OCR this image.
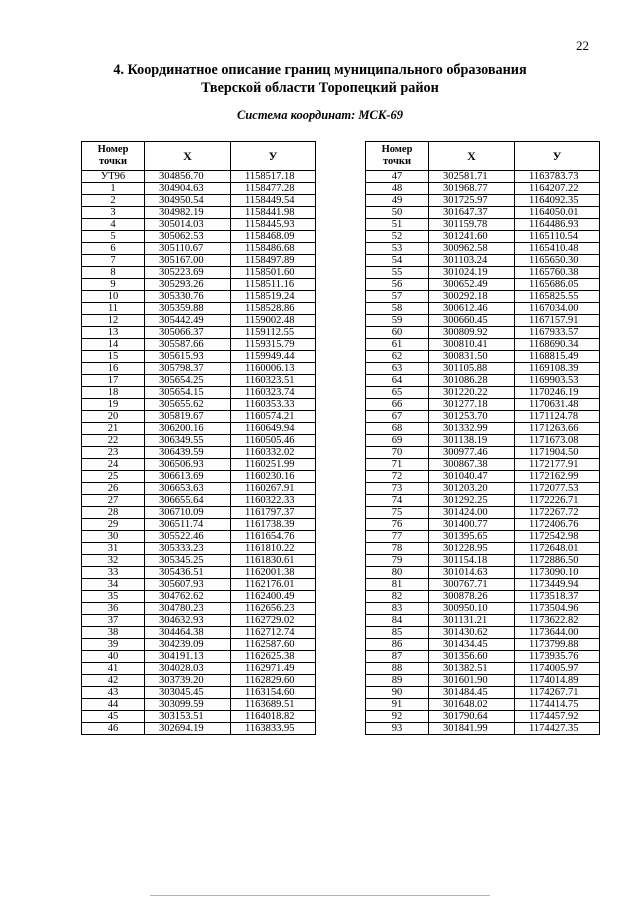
22
4. Координатное описание границ муниципального образования
Тверской области Торопецкий район
Система координат: МСК-69
Номер
точки	X	У
УТ96	304856.70	1158517.18
1	304904.63	1158477.28
2	304950.54	1158449.54
3	304982.19	1158441.98
4	305014.03	1158445.93
5	305062.53	1158468.09
6	305110.67	1158486.68
7	305167.00	1158497.89
8	305223.69	1158501.60
9	305293.26	1158511.16
10	305330.76	1158519.24
11	305359.88	1158528.86
12	305442.49	1159002.48
13	305066.37	1159112.55
14	305587.66	1159315.79
15	305615.93	1159949.44
16	305798.37	1160006.13
17	305654.25	1160323.51
18	305654.15	1160323.74
19	305655.62	1160353.33
20	305819.67	1160574.21
21	306200.16	1160649.94
22	306349.55	1160505.46
23	306439.59	1160332.02
24	306506.93	1160251.99
25	306613.69	1160230.16
26	306653.63	1160267.91
27	306655.64	1160322.33
28	306710.09	1161797.37
29	306511.74	1161738.39
30	305522.46	1161654.76
31	305333.23	1161810.22
32	305345.25	1161830.61
33	305436.51	1162001.38
34	305607.93	1162176.01
35	304762.62	1162400.49
36	304780.23	1162656.23
37	304632.93	1162729.02
38	304464.38	1162712.74
39	304239.09	1162587.60
40	304191.13	1162625.38
41	304028.03	1162971.49
42	303739.20	1162829.60
43	303045.45	1163154.60
44	303099.59	1163689.51
45	303153.51	1164018.82
46	302694.19	1163833.95
Номер
точки	X	У
47	302581.71	1163783.73
48	301968.77	1164207.22
49	301725.97	1164092.35
50	301647.37	1164050.01
51	301159.78	1164486.93
52	301241.60	1165110.54
53	300962.58	1165410.48
54	301103.24	1165650.30
55	301024.19	1165760.38
56	300652.49	1165686.05
57	300292.18	1165825.55
58	300612.46	1167034.00
59	300660.45	1167157.91
60	300809.92	1167933.57
61	300810.41	1168690.34
62	300831.50	1168815.49
63	301105.88	1169108.39
64	301086.28	1169903.53
65	301220.22	1170246.19
66	301277.18	1170631.48
67	301253.70	1171124.78
68	301332.99	1171263.66
69	301138.19	1171673.08
70	300977.46	1171904.50
71	300867.38	1172177.91
72	301040.47	1172162.99
73	301203.20	1172077.53
74	301292.25	1172226.71
75	301424.00	1172267.72
76	301400.77	1172406.76
77	301395.65	1172542.98
78	301228.95	1172648.01
79	301154.18	1172886.50
80	301014.63	1173090.10
81	300767.71	1173449.94
82	300878.26	1173518.37
83	300950.10	1173504.96
84	301131.21	1173622.82
85	301430.62	1173644.00
86	301434.45	1173799.88
87	301356.60	1173935.76
88	301382.51	1174005.97
89	301601.90	1174014.89
90	301484.45	1174267.71
91	301648.02	1174414.75
92	301790.64	1174457.92
93	301841.99	1174427.35
